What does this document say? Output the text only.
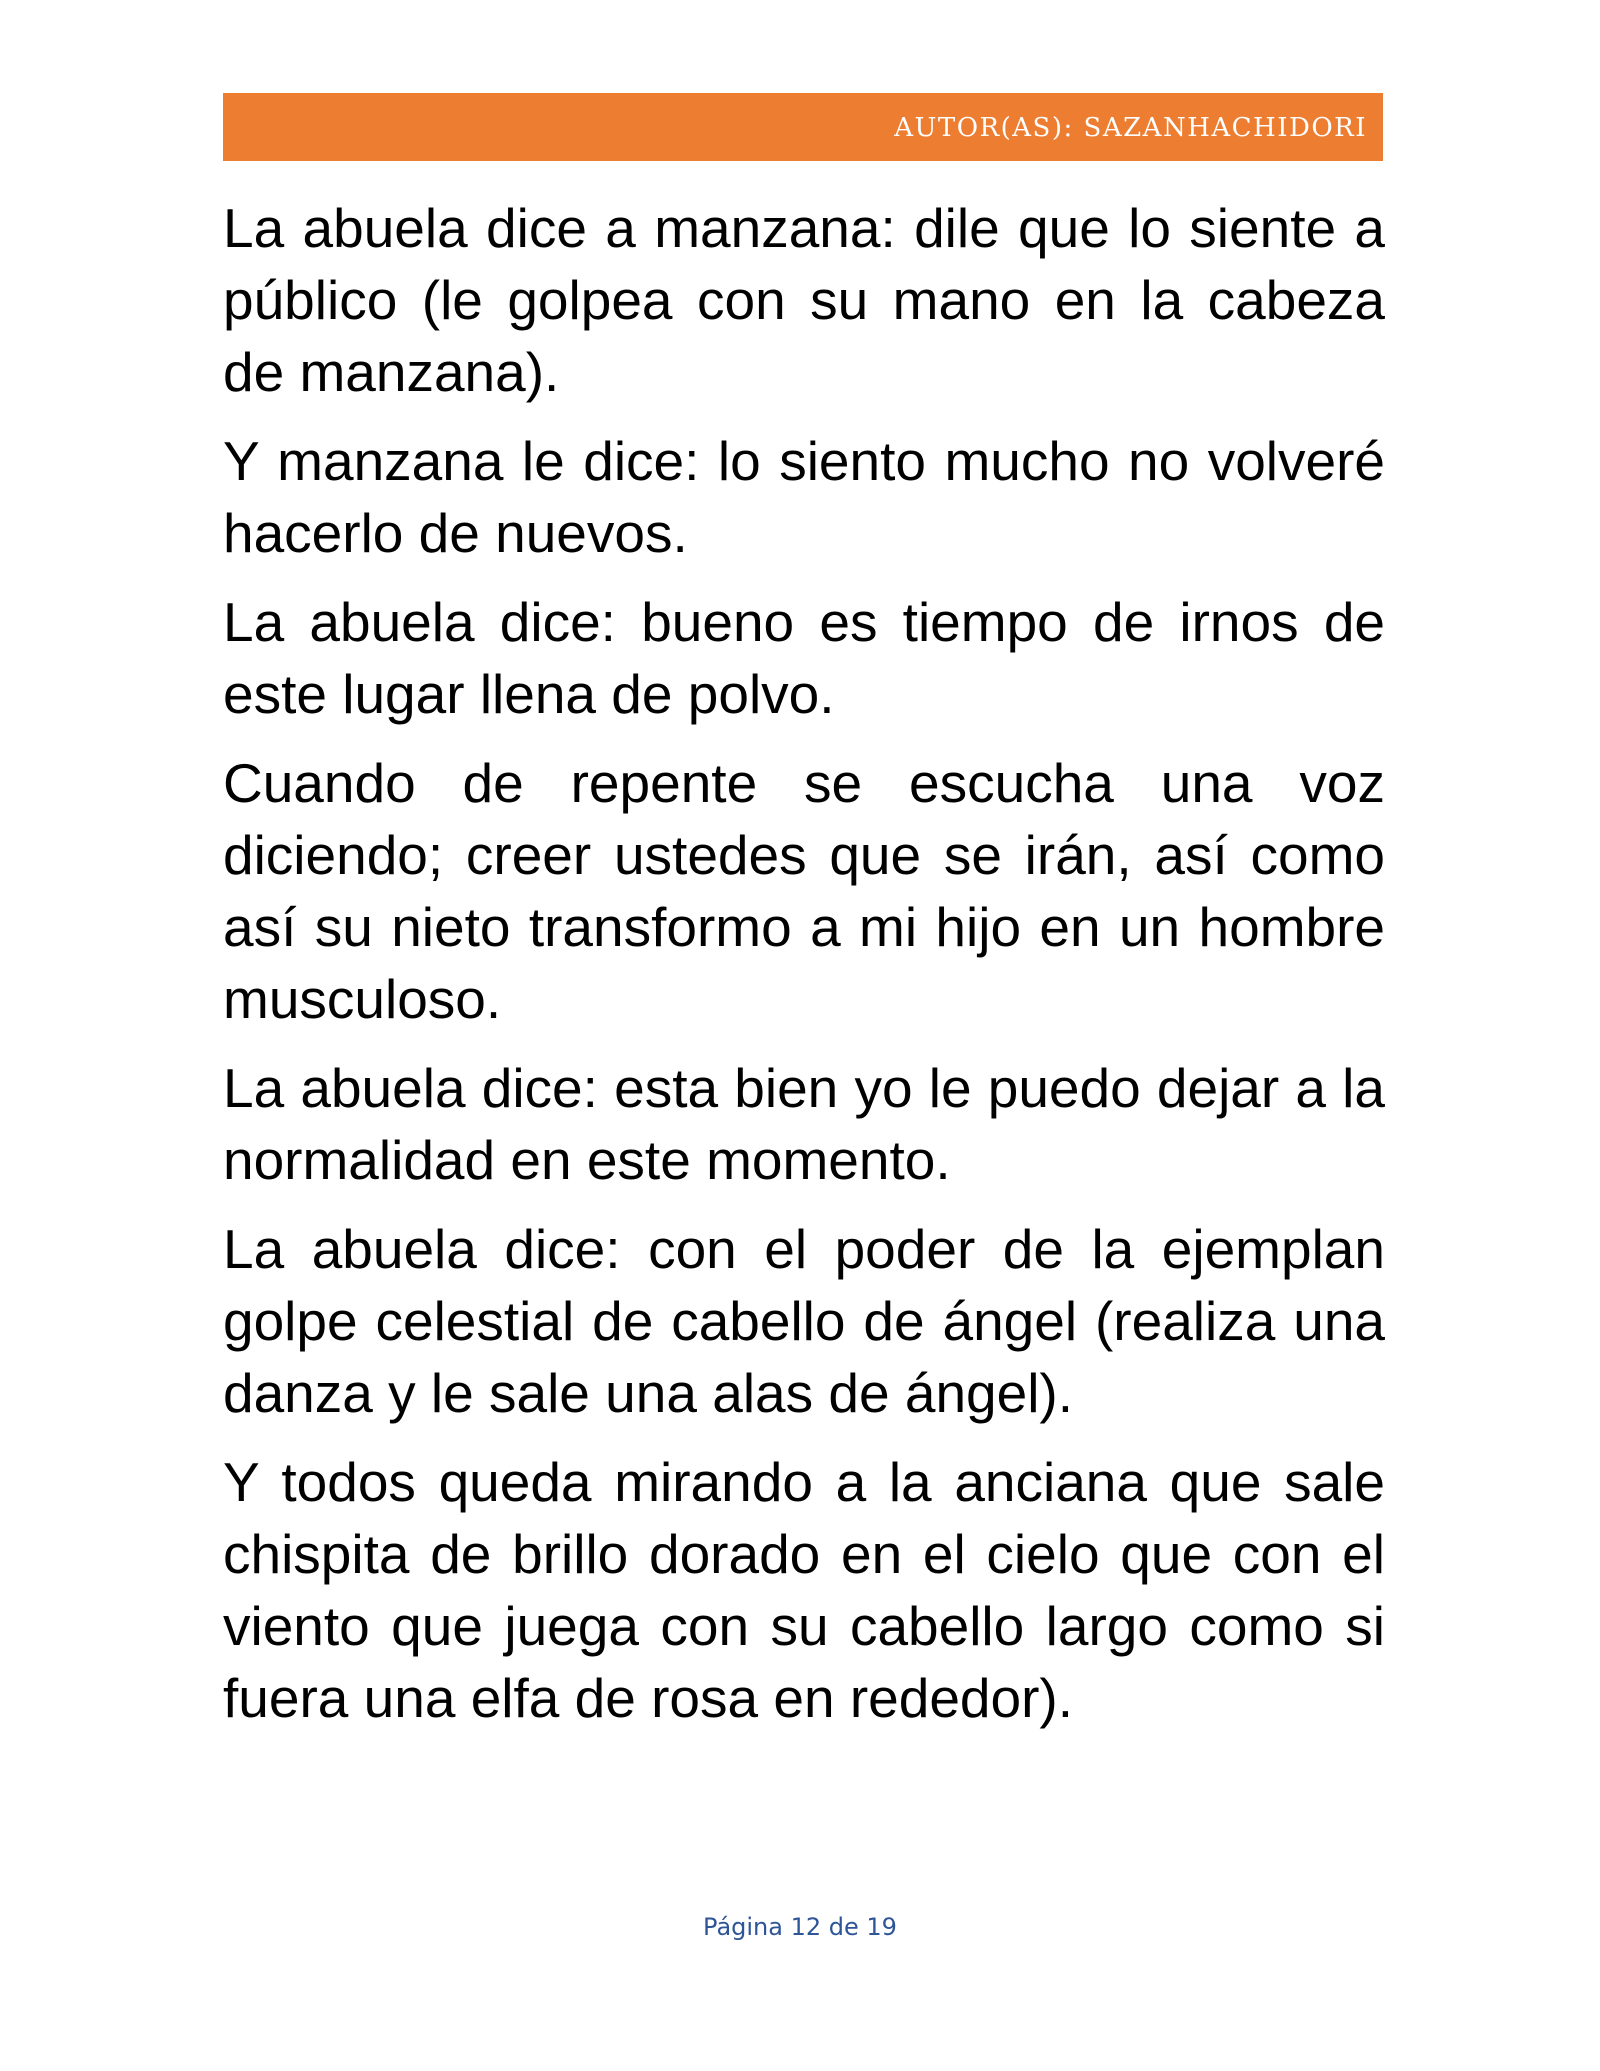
AUTOR(AS): SAZANHACHIDORI

La abuela dice a manzana: dile que lo siente a público (le golpea con su mano en la cabeza de manzana).

Y manzana le dice: lo siento mucho no volveré hacerlo de nuevos.

La abuela dice: bueno es tiempo de irnos de este lugar llena de polvo.

Cuando de repente se escucha una voz diciendo; creer ustedes que se irán, así como así su nieto transformo a mi hijo en un hombre musculoso.

La abuela dice: esta bien yo le puedo dejar a la normalidad en este momento.

La abuela dice: con el poder de la ejemplan golpe celestial de cabello de ángel (realiza una danza y le sale una alas de ángel).

Y todos queda mirando a la anciana que sale chispita de brillo dorado en el cielo que con el viento que juega con su cabello largo como si fuera una elfa de rosa en rededor).

Página 12 de 19
